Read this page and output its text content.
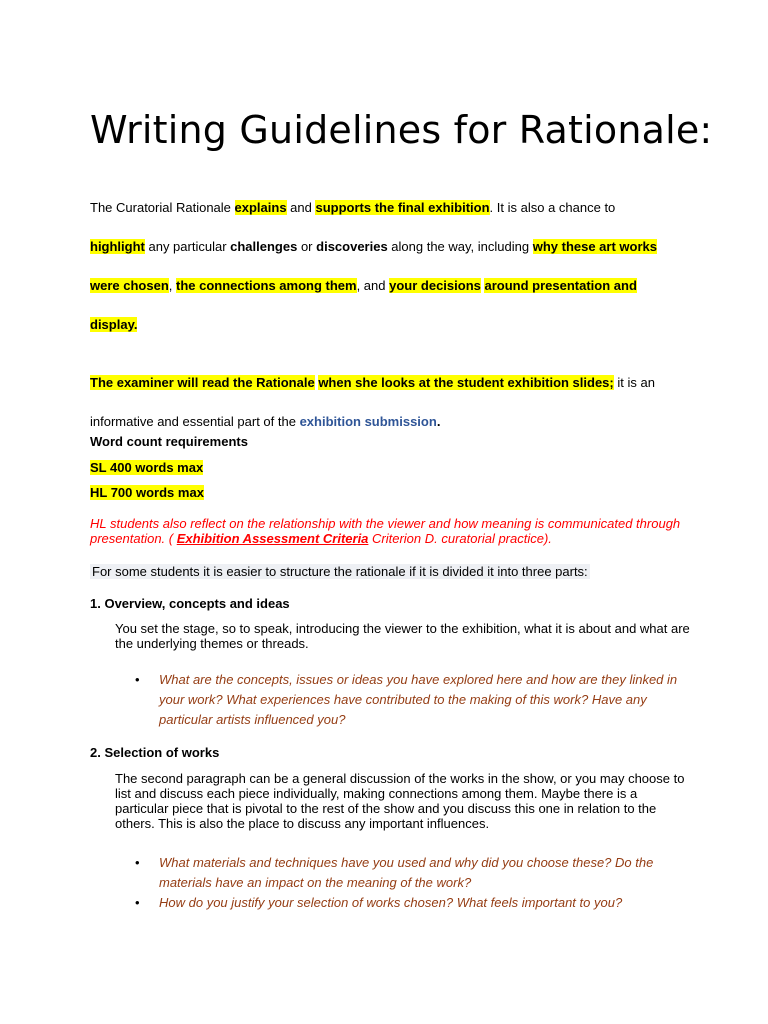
Writing Guidelines for Rationale:

The Curatorial Rationale explains and supports the final exhibition. It is also a chance to

highlight any particular challenges or discoveries along the way, including why these art works

were chosen, the connections among them, and your decisions around presentation and

display.

The examiner will read the Rationale when she looks at the student exhibition slides; it is an

informative and essential part of the exhibition submission.

Word count requirements

SL 400 words max

HL 700 words max

HL students also reflect on the relationship with the viewer and how meaning is communicated through presentation. ( Exhibition Assessment Criteria Criterion D. curatorial practice).

For some students it is easier to structure the rationale if it is divided it into three parts:

1. Overview, concepts and ideas

You set the stage, so to speak, introducing the viewer to the exhibition, what it is about and what are the underlying themes or threads.

• What are the concepts, issues or ideas you have explored here and how are they linked in your work? What experiences have contributed to the making of this work? Have any particular artists influenced you?

2. Selection of works

The second paragraph can be a general discussion of the works in the show, or you may choose to list and discuss each piece individually, making connections among them. Maybe there is a particular piece that is pivotal to the rest of the show and you discuss this one in relation to the others. This is also the place to discuss any important influences.

• What materials and techniques have you used and why did you choose these? Do the materials have an impact on the meaning of the work?
• How do you justify your selection of works chosen? What feels important to you?
